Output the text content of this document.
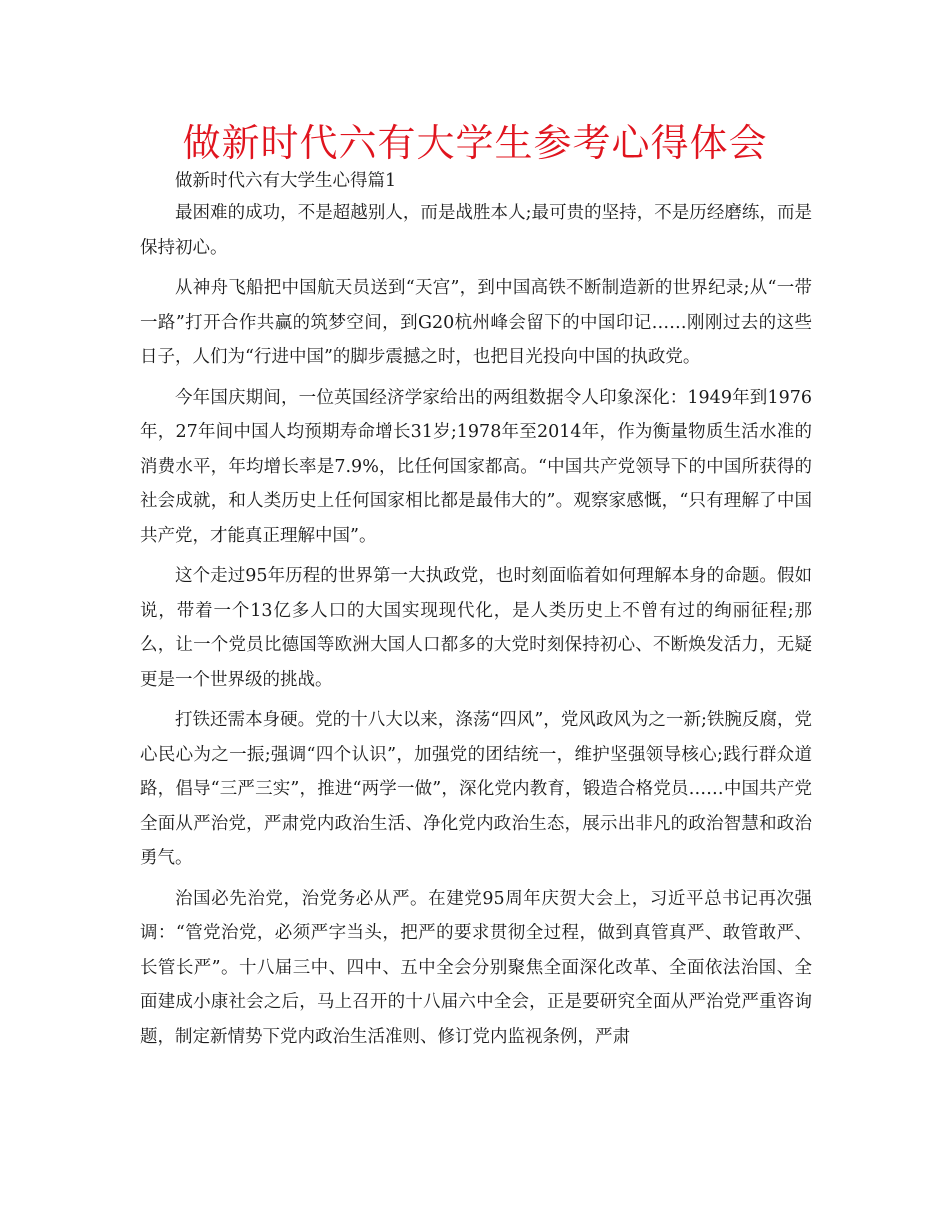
做新时代六有大学生参考心得体会

做新时代六有大学生心得篇1

最困难的成功，不是超越别人，而是战胜本人;最可贵的坚持，不是历经磨练，而是保持初心。

从神舟飞船把中国航天员送到“天宫”，到中国高铁不断制造新的世界纪录;从“一带一路”打开合作共赢的筑梦空间，到G20杭州峰会留下的中国印记……刚刚过去的这些日子，人们为“行进中国”的脚步震撼之时，也把目光投向中国的执政党。

今年国庆期间，一位英国经济学家给出的两组数据令人印象深化：1949年到1976年，27年间中国人均预期寿命增长31岁;1978年至2014年，作为衡量物质生活水准的消费水平，年均增长率是7.9%，比任何国家都高。“中国共产党领导下的中国所获得的社会成就，和人类历史上任何国家相比都是最伟大的”。观察家感慨，“只有理解了中国共产党，才能真正理解中国”。

这个走过95年历程的世界第一大执政党，也时刻面临着如何理解本身的命题。假如说，带着一个13亿多人口的大国实现现代化，是人类历史上不曾有过的绚丽征程;那么，让一个党员比德国等欧洲大国人口都多的大党时刻保持初心、不断焕发活力，无疑更是一个世界级的挑战。

打铁还需本身硬。党的十八大以来，涤荡“四风”，党风政风为之一新;铁腕反腐，党心民心为之一振;强调“四个认识”，加强党的团结统一，维护坚强领导核心;践行群众道路，倡导“三严三实”，推进“两学一做”，深化党内教育，锻造合格党员……中国共产党全面从严治党，严肃党内政治生活、净化党内政治生态，展示出非凡的政治智慧和政治勇气。

治国必先治党，治党务必从严。在建党95周年庆贺大会上，习近平总书记再次强调：“管党治党，必须严字当头，把严的要求贯彻全过程，做到真管真严、敢管敢严、长管长严”。十八届三中、四中、五中全会分别聚焦全面深化改革、全面依法治国、全面建成小康社会之后，马上召开的十八届六中全会，正是要研究全面从严治党严重咨询题，制定新情势下党内政治生活准则、修订党内监视条例，严肃
